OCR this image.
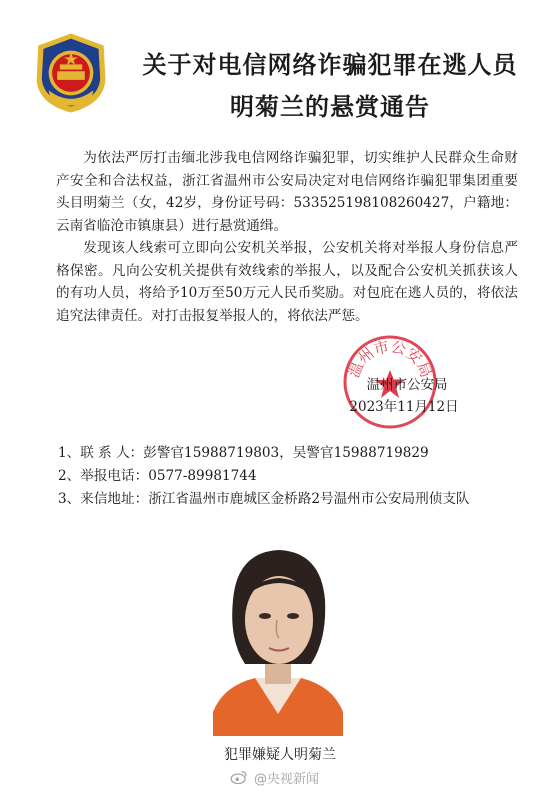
关于对电信网络诈骗犯罪在逃人员
明菊兰的悬赏通告

为依法严厉打击缅北涉我电信网络诈骗犯罪，切实维护人民群众生命财产安全和合法权益，浙江省温州市公安局决定对电信网络诈骗犯罪集团重要头目明菊兰（女，42岁，身份证号码：533525198108260427，户籍地：云南省临沧市镇康县）进行悬赏通缉。

发现该人线索可立即向公安机关举报，公安机关将对举报人身份信息严格保密。凡向公安机关提供有效线索的举报人，以及配合公安机关抓获该人的有功人员，将给予10万至50万元人民币奖励。对包庇在逃人员的，将依法追究法律责任。对打击报复举报人的，将依法严惩。

温州市公安局
温州市公安局
2023年11月12日
1、 联 系 人： 彭警官15988719803，吴警官15988719829
2、 举报电话： 0577-89981744
3、 来信地址： 浙江省温州市鹿城区金桥路2号温州市公安局刑侦支队
犯罪嫌疑人明菊兰
@央视新闻
